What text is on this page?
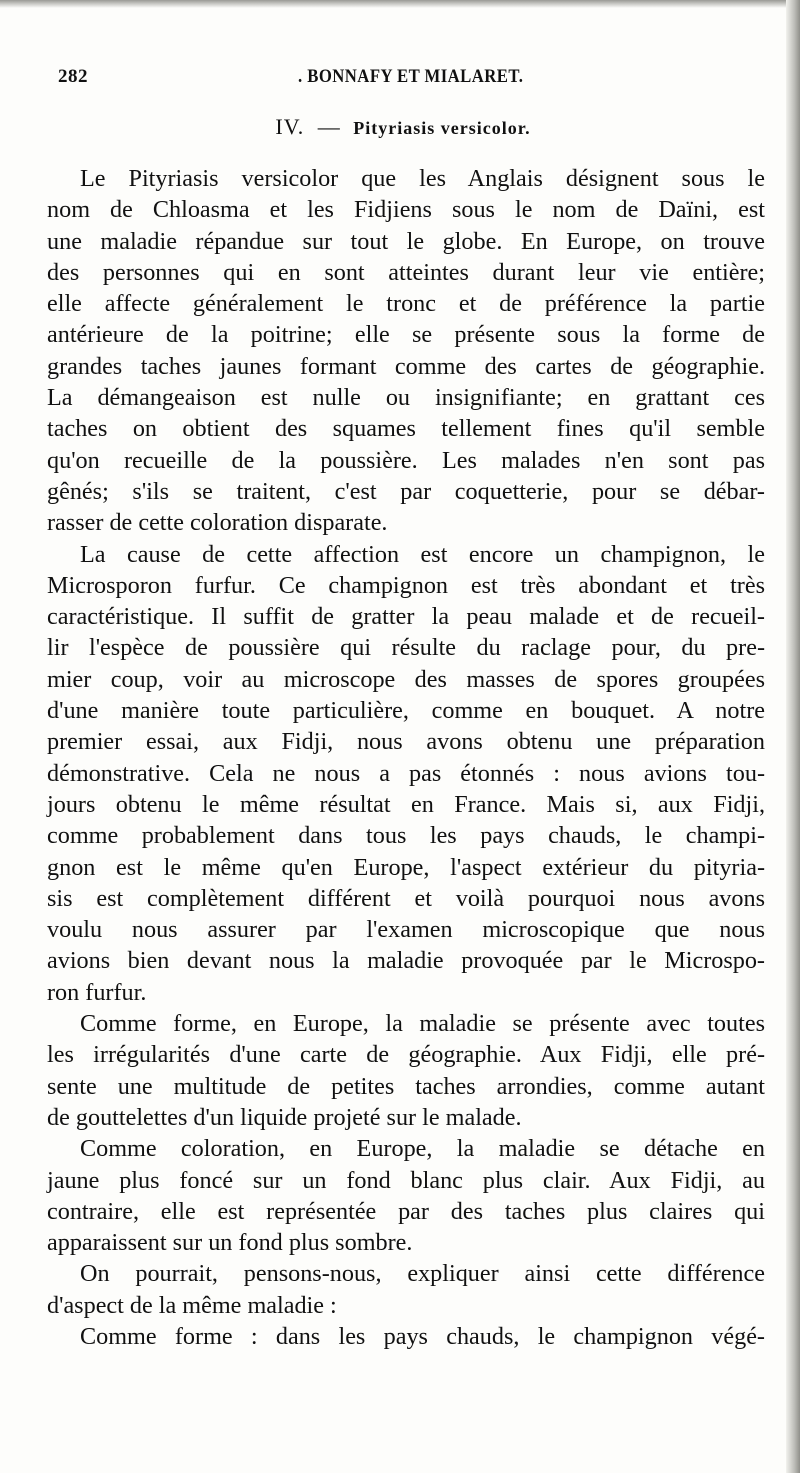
282	. BONNAFY ET MIALARET.
IV. — Pityriasis versicolor.
Le Pityriasis versicolor que les Anglais désignent sous le
nom de Chloasma et les Fidjiens sous le nom de Daïni, est
une maladie répandue sur tout le globe. En Europe, on trouve
des personnes qui en sont atteintes durant leur vie entière;
elle affecte généralement le tronc et de préférence la partie
antérieure de la poitrine; elle se présente sous la forme de
grandes taches jaunes formant comme des cartes de géographie.
La démangeaison est nulle ou insignifiante; en grattant ces
taches on obtient des squames tellement fines qu'il semble
qu'on recueille de la poussière. Les malades n'en sont pas
gênés; s'ils se traitent, c'est par coquetterie, pour se débar-
rasser de cette coloration disparate.
La cause de cette affection est encore un champignon, le
Microsporon furfur. Ce champignon est très abondant et très
caractéristique. Il suffit de gratter la peau malade et de recueil-
lir l'espèce de poussière qui résulte du raclage pour, du pre-
mier coup, voir au microscope des masses de spores groupées
d'une manière toute particulière, comme en bouquet. A notre
premier essai, aux Fidji, nous avons obtenu une préparation
démonstrative. Cela ne nous a pas étonnés : nous avions tou-
jours obtenu le même résultat en France. Mais si, aux Fidji,
comme probablement dans tous les pays chauds, le champi-
gnon est le même qu'en Europe, l'aspect extérieur du pityria-
sis est complètement différent et voilà pourquoi nous avons
voulu nous assurer par l'examen microscopique que nous
avions bien devant nous la maladie provoquée par le Microspo-
ron furfur.
Comme forme, en Europe, la maladie se présente avec toutes
les irrégularités d'une carte de géographie. Aux Fidji, elle pré-
sente une multitude de petites taches arrondies, comme autant
de gouttelettes d'un liquide projeté sur le malade.
Comme coloration, en Europe, la maladie se détache en
jaune plus foncé sur un fond blanc plus clair. Aux Fidji, au
contraire, elle est représentée par des taches plus claires qui
apparaissent sur un fond plus sombre.
On pourrait, pensons-nous, expliquer ainsi cette différence
d'aspect de la même maladie :
Comme forme : dans les pays chauds, le champignon végé-
